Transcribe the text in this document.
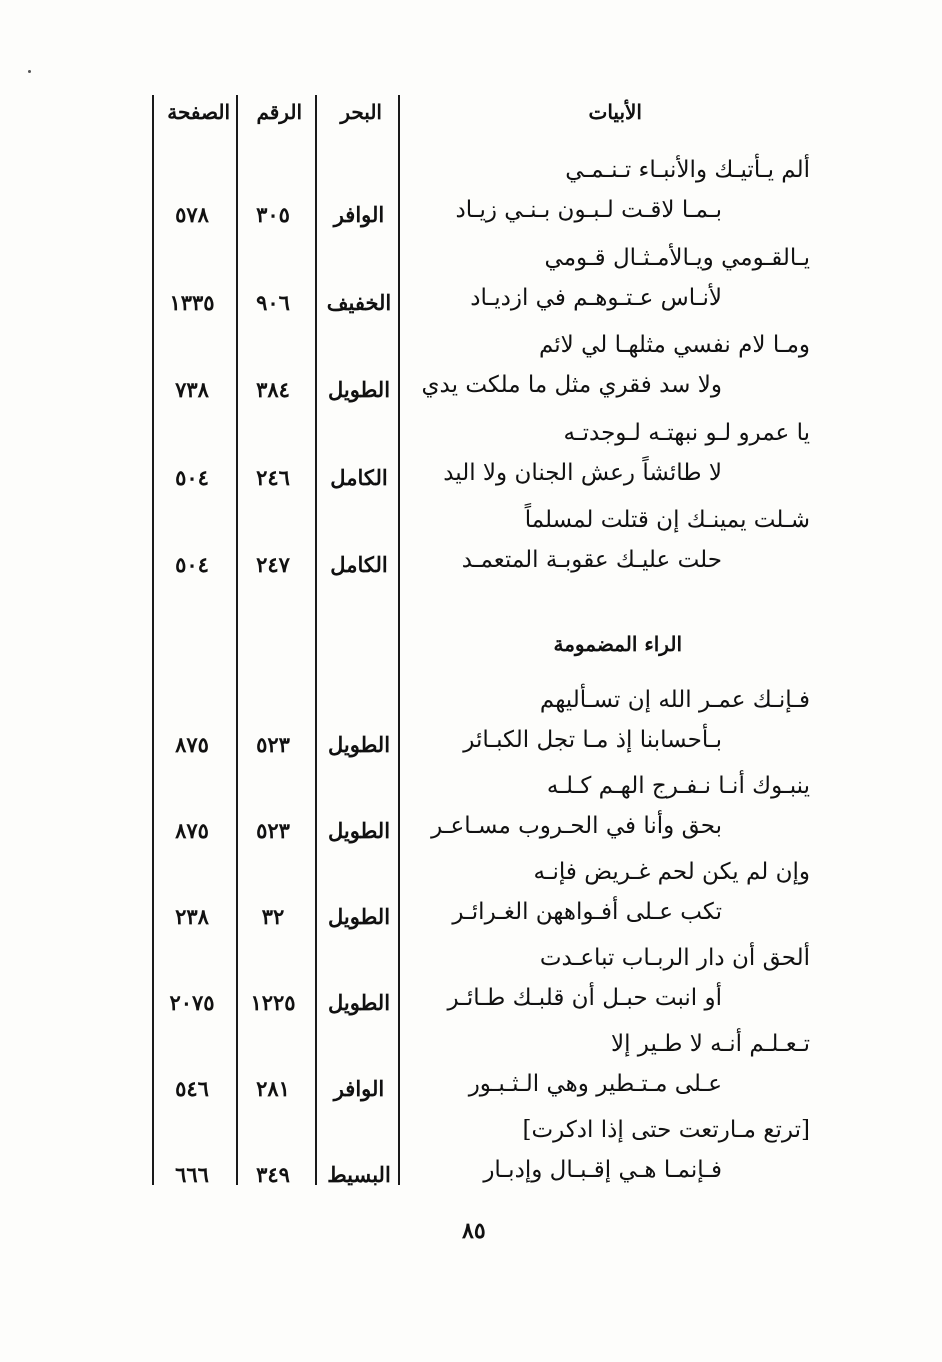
الأبيات
البحر
الرقم
الصفحة
ألم يـأتيـك والأنبـاء تـنـمـي
بـمـا لاقـت لـبـون بـنـي زيـاد
الوافر
٣٠٥
٥٧٨
يـالقـومي ويـالأمـثـال قـومي
لأنـاس عـتـوهـم في ازديـاد
الخفيف
٩٠٦
١٣٣٥
ومـا لام نفسي مثلهـا لي لائم
ولا سد فقري مثل ما ملكت يدي
الطويل
٣٨٤
٧٣٨
يا عمرو لـو نبهتـه لـوجدتـه
لا طائشاً رعش الجنان ولا اليد
الكامل
٢٤٦
٥٠٤
شـلت يمينـك إن قتلت لمسلماً
حلت عليـك عقوبـة المتعمـد
الكامل
٢٤٧
٥٠٤
الراء المضمومة
فـإنـك عمـر الله إن تسـأليهم
بـأحسابنا إذ مـا تجل الكبـائر
الطويل
٥٢٣
٨٧٥
ينبـوك أنـا نـفـرج الهـم كـلـه
بحق وأنا في الحـروب مسـاعـر
الطويل
٥٢٣
٨٧٥
وإن لم يكن لحم غـريض فإنـه
تكب عـلى أفـواههن الغـرائـر
الطويل
٣٢
٢٣٨
ألحق أن دار الربـاب تباعـدت
أو انبت حبـل أن قلبـك طـائـر
الطويل
١٢٢٥
٢٠٧٥
تـعـلـم أنـه لا طـير إلا
عـلى مـتـطير وهي الـثـبـور
الوافر
٢٨١
٥٤٦
[ترتع مـارتعت حتى إذا ادكرت]
فـإنمـا هـي إقـبـال وإدبـار
البسيط
٣٤٩
٦٦٦
٨٥
